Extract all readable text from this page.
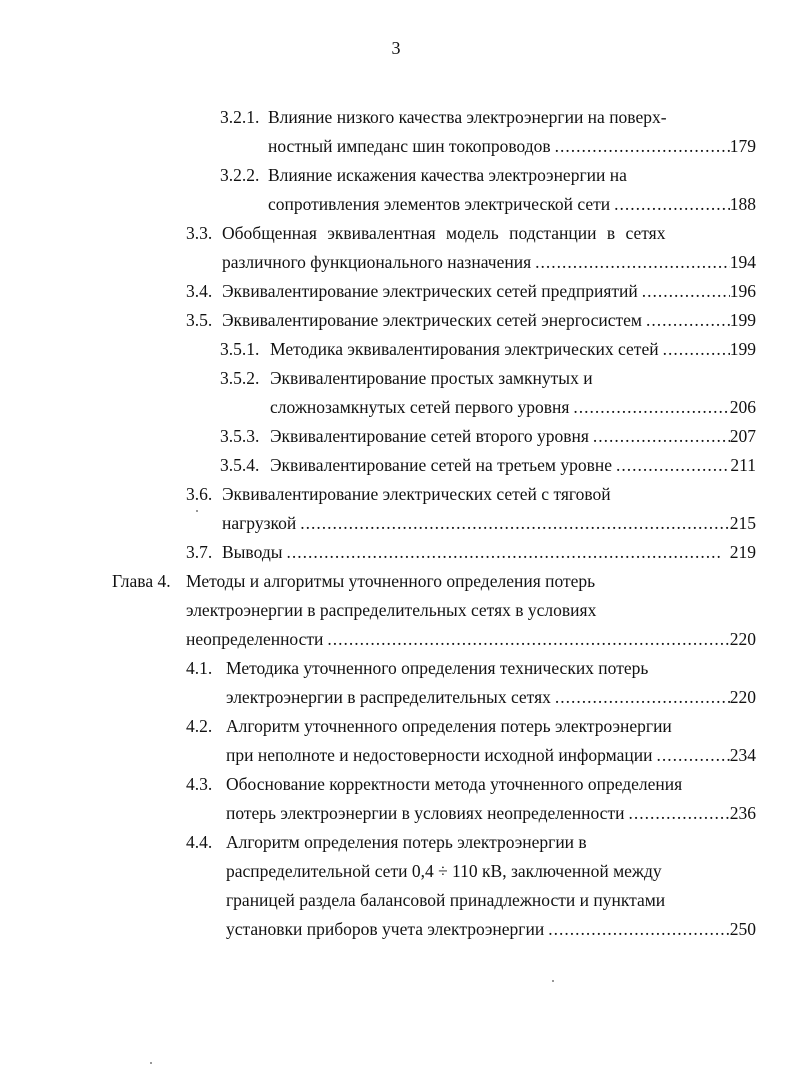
3
3.2.1. Влияние низкого качества электроэнергии на поверх-
ностный импеданс шин токопроводов .....	179
3.2.2. Влияние искажения качества электроэнергии на
сопротивления элементов электрической сети .....	188
3.3. Обобщенная эквивалентная модель подстанции в сетях
различного функционального назначения .....	194
3.4. Эквивалентирование электрических сетей предприятий .....	196
3.5. Эквивалентирование электрических сетей энергосистем .....	199
3.5.1. Методика эквивалентирования электрических сетей .....	199
3.5.2. Эквивалентирование простых замкнутых и
сложнозамкнутых сетей первого уровня .....	206
3.5.3. Эквивалентирование сетей второго уровня .....	207
3.5.4. Эквивалентирование сетей на третьем уровне .....	211
3.6. Эквивалентирование электрических сетей с тяговой
нагрузкой .....	215
3.7. Выводы .....	219
Глава 4. Методы и алгоритмы уточненного определения потерь
электроэнергии в распределительных сетях в условиях
неопределенности .....	220
4.1. Методика уточненного определения технических потерь
электроэнергии в распределительных сетях .....	220
4.2. Алгоритм уточненного определения потерь электроэнергии
при неполноте и недостоверности исходной информации .....	234
4.3. Обоснование корректности метода уточненного определения
потерь электроэнергии в условиях неопределенности .....	236
4.4. Алгоритм определения потерь электроэнергии в
распределительной сети 0,4 ÷ 110 кВ, заключенной между
границей раздела балансовой принадлежности и пунктами
установки приборов учета электроэнергии .....	250
